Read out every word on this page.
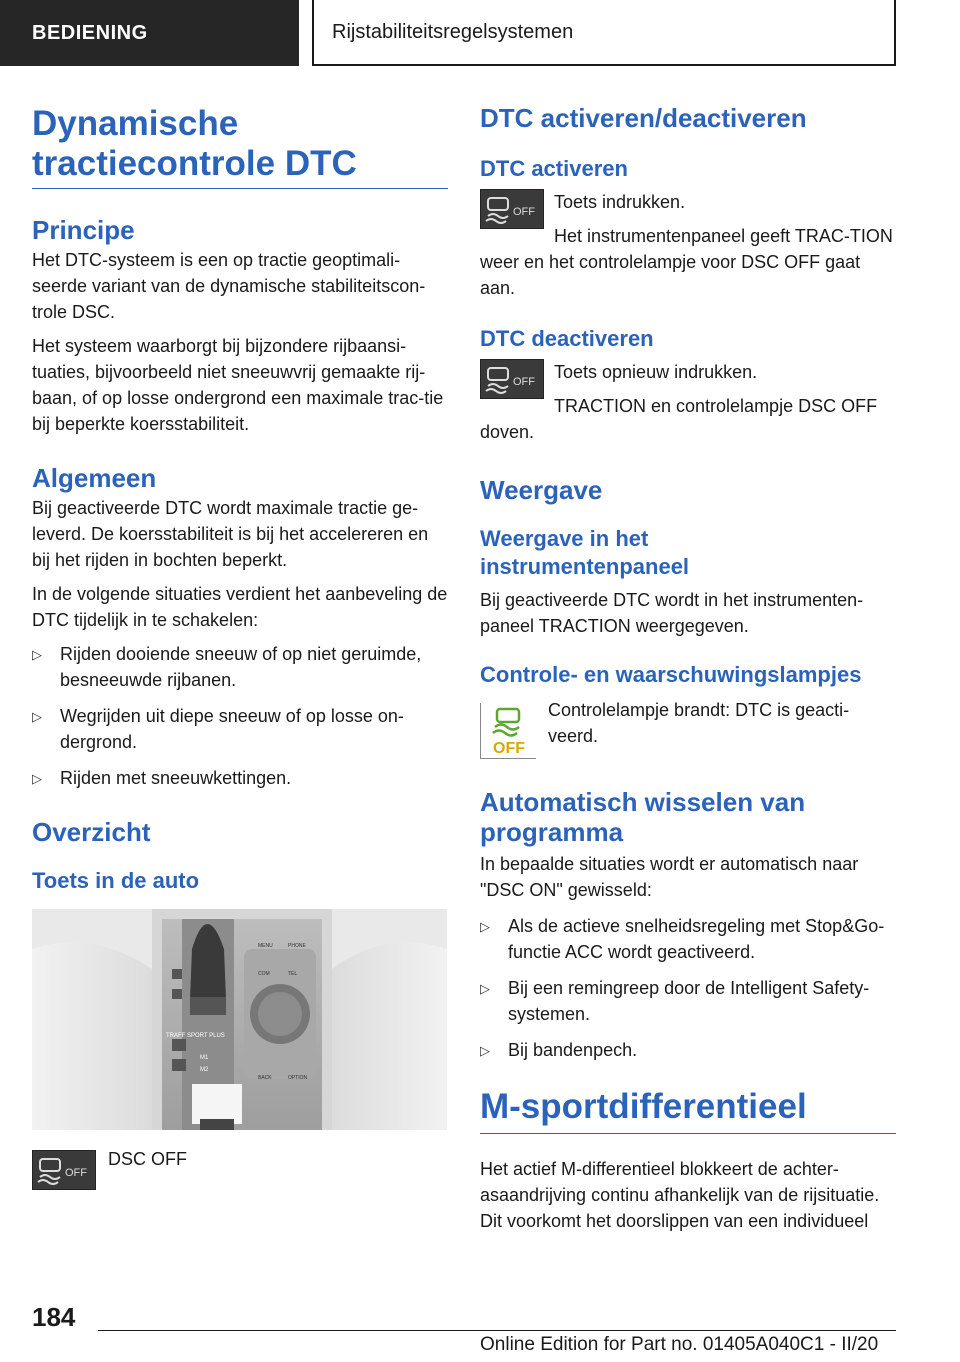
BEDIENING	Rijstabiliteitsregelsystemen
Dynamische tractiecontrole DTC
Principe

Het DTC-systeem is een op tractie geoptimali-seerde variant van de dynamische stabiliteitscon-trole DSC.

Het systeem waarborgt bij bijzondere rijbaansi-tuaties, bijvoorbeeld niet sneeuwvrij gemaakte rij-baan, of op losse ondergrond een maximale trac-tie bij beperkte koersstabiliteit.

Algemeen

Bij geactiveerde DTC wordt maximale tractie ge-leverd. De koersstabiliteit is bij het accelereren en bij het rijden in bochten beperkt.

In de volgende situaties verdient het aanbeveling de DTC tijdelijk in te schakelen:

▷ Rijden dooiende sneeuw of op niet geruimde, besneeuwde rijbanen.
▷ Wegrijden uit diepe sneeuw of op losse on-dergrond.
▷ Rijden met sneeuwkettingen.
Overzicht
Toets in de auto
TRAFF SPORT PLUS
MENU	PHONE
TEL
COM
BACK	OPTION
M1
M2
OFF

DSC OFF

DTC activeren/deactiveren
DTC activeren
OFF Toets indrukken.

Het instrumentenpaneel geeft TRAC-TION weer en het controlelampje voor DSC OFF gaat aan.

DTC deactiveren
OFF Toets opnieuw indrukken.

TRACTION en controlelampje DSC OFF doven.

Weergave
Weergave in het instrumentenpaneel

Bij geactiveerde DTC wordt in het instrumenten-paneel TRACTION weergegeven.

Controle- en waarschuwingslampjes
OFF

Controlelampje brandt: DTC is geacti-veerd.

Automatisch wisselen van programma

In bepaalde situaties wordt er automatisch naar "DSC ON" gewisseld:

▷ Als de actieve snelheidsregeling met Stop&Go-functie ACC wordt geactiveerd.
▷ Bij een remingreep door de Intelligent Safety-systemen.
▷ Bij bandenpech.
M-sportdifferentieel

Het actief M-differentieel blokkeert de achter-asaandrijving continu afhankelijk van de rijsituatie. Dit voorkomt het doorslippen van een individueel

184
Online Edition for Part no. 01405A040C1 - II/20
